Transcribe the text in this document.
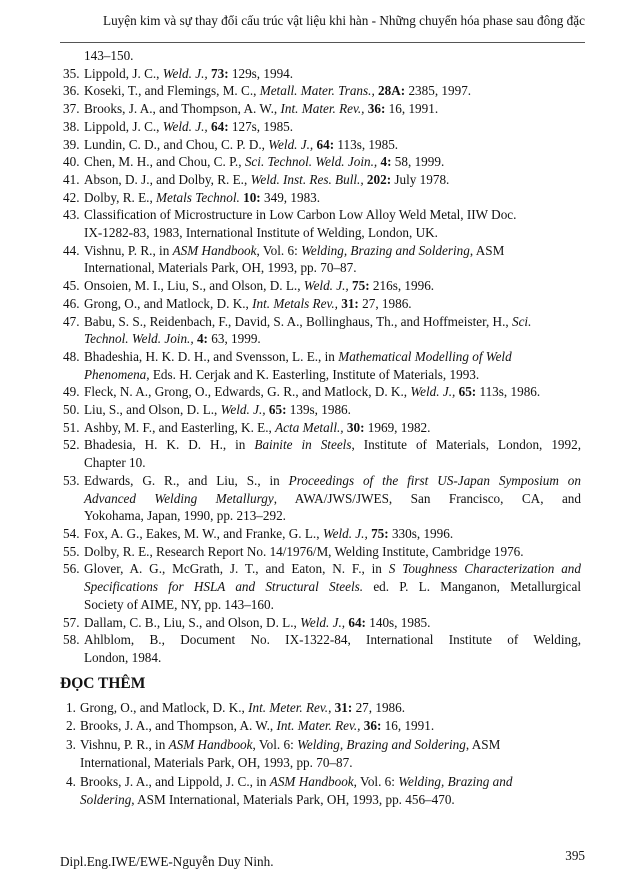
Luyện kim và sự thay đổi cấu trúc vật liệu khi hàn - Những chuyển hóa phase sau đông đặc
143–150.
35. Lippold, J. C., Weld. J., 73: 129s, 1994.
36. Koseki, T., and Flemings, M. C., Metall. Mater. Trans., 28A: 2385, 1997.
37. Brooks, J. A., and Thompson, A. W., Int. Mater. Rev., 36: 16, 1991.
38. Lippold, J. C., Weld. J., 64: 127s, 1985.
39. Lundin, C. D., and Chou, C. P. D., Weld. J., 64: 113s, 1985.
40. Chen, M. H., and Chou, C. P., Sci. Technol. Weld. Join., 4: 58, 1999.
41. Abson, D. J., and Dolby, R. E., Weld. Inst. Res. Bull., 202: July 1978.
42. Dolby, R. E., Metals Technol. 10: 349, 1983.
43. Classification of Microstructure in Low Carbon Low Alloy Weld Metal, IIW Doc.
IX-1282-83, 1983, International Institute of Welding, London, UK.
44. Vishnu, P. R., in ASM Handbook, Vol. 6: Welding, Brazing and Soldering, ASM
International, Materials Park, OH, 1993, pp. 70–87.
45. Onsoien, M. I., Liu, S., and Olson, D. L., Weld. J., 75: 216s, 1996.
46. Grong, O., and Matlock, D. K., Int. Metals Rev., 31: 27, 1986.
47. Babu, S. S., Reidenbach, F., David, S. A., Bollinghaus, Th., and Hoffmeister, H., Sci.
Technol. Weld. Join., 4: 63, 1999.
48. Bhadeshia, H. K. D. H., and Svensson, L. E., in Mathematical Modelling of Weld
Phenomena, Eds. H. Cerjak and K. Easterling, Institute of Materials, 1993.
49. Fleck, N. A., Grong, O., Edwards, G. R., and Matlock, D. K., Weld. J., 65: 113s, 1986.
50. Liu, S., and Olson, D. L., Weld. J., 65: 139s, 1986.
51. Ashby, M. F., and Easterling, K. E., Acta Metall., 30: 1969, 1982.
52. Bhadesia, H. K. D. H., in Bainite in Steels, Institute of Materials, London, 1992,
Chapter 10.
53. Edwards, G. R., and Liu, S., in Proceedings of the first US-Japan Symposium on
Advanced Welding Metallurgy, AWA/JWS/JWES, San Francisco, CA, and
Yokohama, Japan, 1990, pp. 213–292.
54. Fox, A. G., Eakes, M. W., and Franke, G. L., Weld. J., 75: 330s, 1996.
55. Dolby, R. E., Research Report No. 14/1976/M, Welding Institute, Cambridge 1976.
56. Glover, A. G., McGrath, J. T., and Eaton, N. F., in S Toughness Characterization and
Specifications for HSLA and Structural Steels. ed. P. L. Manganon, Metallurgical
Society of AIME, NY, pp. 143–160.
57. Dallam, C. B., Liu, S., and Olson, D. L., Weld. J., 64: 140s, 1985.
58. Ahlblom, B., Document No. IX-1322-84, International Institute of Welding,
London, 1984.
ĐỌC THÊM
1. Grong, O., and Matlock, D. K., Int. Meter. Rev., 31: 27, 1986.
2. Brooks, J. A., and Thompson, A. W., Int. Mater. Rev., 36: 16, 1991.
3. Vishnu, P. R., in ASM Handbook, Vol. 6: Welding, Brazing and Soldering, ASM
International, Materials Park, OH, 1993, pp. 70–87.
4. Brooks, J. A., and Lippold, J. C., in ASM Handbook, Vol. 6: Welding, Brazing and
Soldering, ASM International, Materials Park, OH, 1993, pp. 456–470.
Dipl.Eng.IWE/EWE-Nguyễn Duy Ninh.	395
